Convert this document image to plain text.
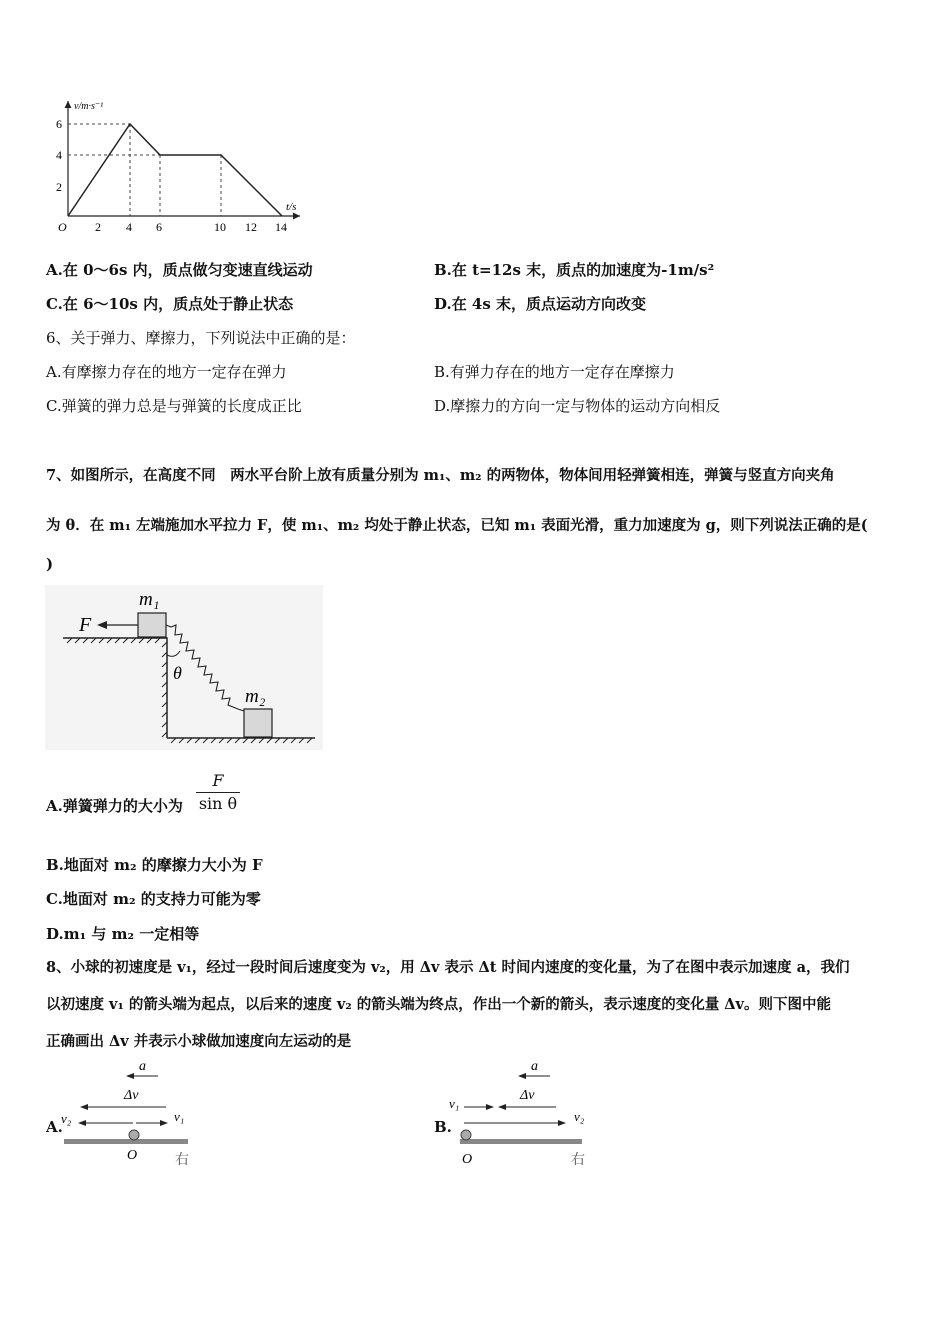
v/m·s⁻¹
t/s
O
6
4
2
2 4 6	10 12 14
A.在 0～6s 内，质点做匀变速直线运动	B.在 t=12s 末，质点的加速度为-1m/s²
C.在 6～10s 内，质点处于静止状态	D.在 4s 末，质点运动方向改变
6、关于弹力、摩擦力，下列说法中正确的是：
A.有摩擦力存在的地方一定存在弹力	B.有弹力存在的地方一定存在摩擦力
C.弹簧的弹力总是与弹簧的长度成正比	D.摩擦力的方向一定与物体的运动方向相反
7、如图所示，在高度不同　两水平台阶上放有质量分别为 m₁、m₂ 的两物体，物体间用轻弹簧相连，弹簧与竖直方向夹角
为 θ．在 m₁ 左端施加水平拉力 F，使 m₁、m₂ 均处于静止状态，已知 m₁ 表面光滑，重力加速度为 g，则下列说法正确的是(
)
F
m₁
θ
m₂
A.弹簧弹力的大小为
F
sin θ
B.地面对 m₂ 的摩擦力大小为 F
C.地面对 m₂ 的支持力可能为零
D.m₁ 与 m₂ 一定相等
8、小球的初速度是 v₁，经过一段时间后速度变为 v₂，用 Δv 表示 Δt 时间内速度的变化量，为了在图中表示加速度 a，我们
以初速度 v₁ 的箭头端为起点，以后来的速度 v₂ 的箭头端为终点，作出一个新的箭头，表示速度的变化量 Δv。则下图中能
正确画出 Δv 并表示小球做加速度向左运动的是
A.
a
Δv
v₂	v₁
O	右
B.
a
Δv
v₁
v₂
O	右
